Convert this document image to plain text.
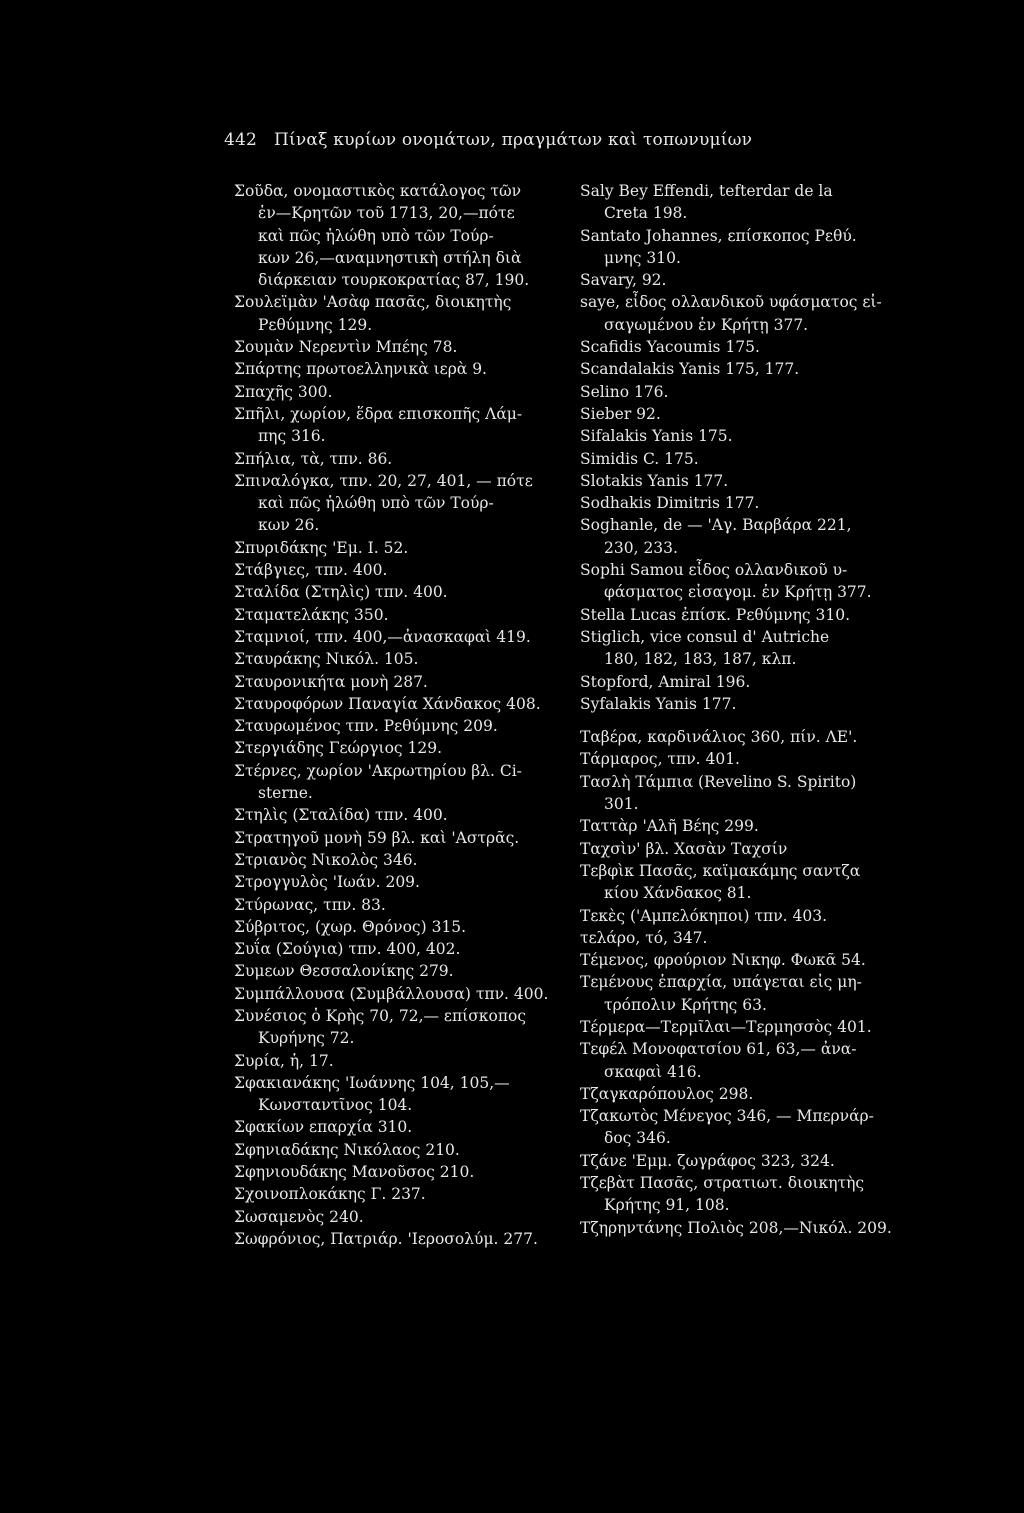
442 Πίναξ κυρίων ονομάτων, πραγμάτων καὶ τοπωνυμίων
Σοῦδα, ονομαστικὸς κατάλογος τῶν
ἐν—Κρητῶν τοῦ 1713, 20,—πότε
καὶ πῶς ἡλώθη υπὸ τῶν Τούρ-
κων 26,—αναμνηστικὴ στήλη διὰ
διάρκειαν τουρκοκρατίας 87, 190.
Σουλεϊμὰν 'Ασὰφ πασᾶς, διοικητὴς
Ρεθύμνης 129.
Σουμὰν Νερεντὶν Μπέης 78.
Σπάρτης πρωτοελληνικὰ ιερὰ 9.
Σπαχῆς 300.
Σπῆλι, χωρίον, ἕδρα επισκοπῆς Λάμ-
πης 316.
Σπήλια, τὰ, τπν. 86.
Σπιναλόγκα, τπν. 20, 27, 401, — πότε
καὶ πῶς ἡλώθη υπὸ τῶν Τούρ-
κων 26.
Σπυριδάκης 'Εμ. Ι. 52.
Στάβγιες, τπν. 400.
Σταλίδα (Στηλὶς) τπν. 400.
Σταματελάκης 350.
Σταμνιοί, τπν. 400,—ἀνασκαφαὶ 419.
Σταυράκης Νικόλ. 105.
Σταυρονικήτα μονὴ 287.
Σταυροφόρων Παναγία Χάνδακος 408.
Σταυρωμένος τπν. Ρεθύμνης 209.
Στεργιάδης Γεώργιος 129.
Στέρνες, χωρίον 'Ακρωτηρίου βλ. Ci-
sterne.
Στηλὶς (Σταλίδα) τπν. 400.
Στρατηγοῦ μονὴ 59 βλ. καὶ 'Αστρᾶς.
Στριανὸς Νικολὸς 346.
Στρογγυλὸς 'Ιωάν. 209.
Στύρωνας, τπν. 83.
Σύβριτος, (χωρ. Θρόνος) 315.
Συΐα (Σούγια) τπν. 400, 402.
Συμεων Θεσσαλονίκης 279.
Συμπάλλουσα (Συμβάλλουσα) τπν. 400.
Συνέσιος ὁ Κρὴς 70, 72,— επίσκοπος
Κυρήνης 72.
Συρία, ἡ, 17.
Σφακιανάκης 'Ιωάννης 104, 105,—
Κωνσταντῖνος 104.
Σφακίων επαρχία 310.
Σφηνιαδάκης Νικόλαος 210.
Σφηνιουδάκης Μανοῦσος 210.
Σχοινοπλοκάκης Γ. 237.
Σωσαμενὸς 240.
Σωφρόνιος, Πατριάρ. 'Ιεροσολύμ. 277.
Saly Bey Effendi, tefterdar de la
Creta 198.
Santato Johannes, επίσκοπος Ρεθύ.
μνης 310.
Savary, 92.
saye, εἶδος ολλανδικοῦ υφάσματος εἰ-
σαγωμένου ἐν Κρήτῃ 377.
Scafidis Yacoumis 175.
Scandalakis Yanis 175, 177.
Selino 176.
Sieber 92.
Sifalakis Yanis 175.
Simidis C. 175.
Slotakis Yanis 177.
Sodhakis Dimitris 177.
Soghanle, de — 'Αγ. Βαρβάρα 221,
230, 233.
Sophi Samou εἶδος ολλανδικοῦ υ-
φάσματος εἰσαγομ. ἐν Κρήτῃ 377.
Stella Lucas ἐπίσκ. Ρεθύμνης 310.
Stiglich, vice consul d' Autriche
180, 182, 183, 187, κλπ.
Stopford, Amiral 196.
Syfalakis Yanis 177.
Ταβέρα, καρδινάλιος 360, πίν. ΛΕ'.
Τάρμαρος, τπν. 401.
Τασλὴ Τάμπια (Revelino S. Spirito)
301.
Ταττὰρ 'Αλῆ Βέης 299.
Ταχσὶν' βλ. Χασὰν Ταχσίν
Τεβφὶκ Πασᾶς, καϊμακάμης σαντζα
κίου Χάνδακος 81.
Τεκὲς ('Αμπελόκηποι) τπν. 403.
τελάρο, τό, 347.
Τέμενος, φρούριον Νικηφ. Φωκᾶ 54.
Τεμένους ἐπαρχία, υπάγεται εἰς μη-
τρόπολιν Κρήτης 63.
Τέρμερα—Τερμῖλαι—Τερμησσὸς 401.
Τεφέλ Μονοφατσίου 61, 63,— ἀνα-
σκαφαὶ 416.
Τζαγκαρόπουλος 298.
Τζακωτὸς Μένεγος 346, — Μπερνάρ-
δος 346.
Τζάνε 'Εμμ. ζωγράφος 323, 324.
Τζεβὰτ Πασᾶς, στρατιωτ. διοικητὴς
Κρήτης 91, 108.
Τζηρηντάνης Πολιὸς 208,—Νικόλ. 209.
